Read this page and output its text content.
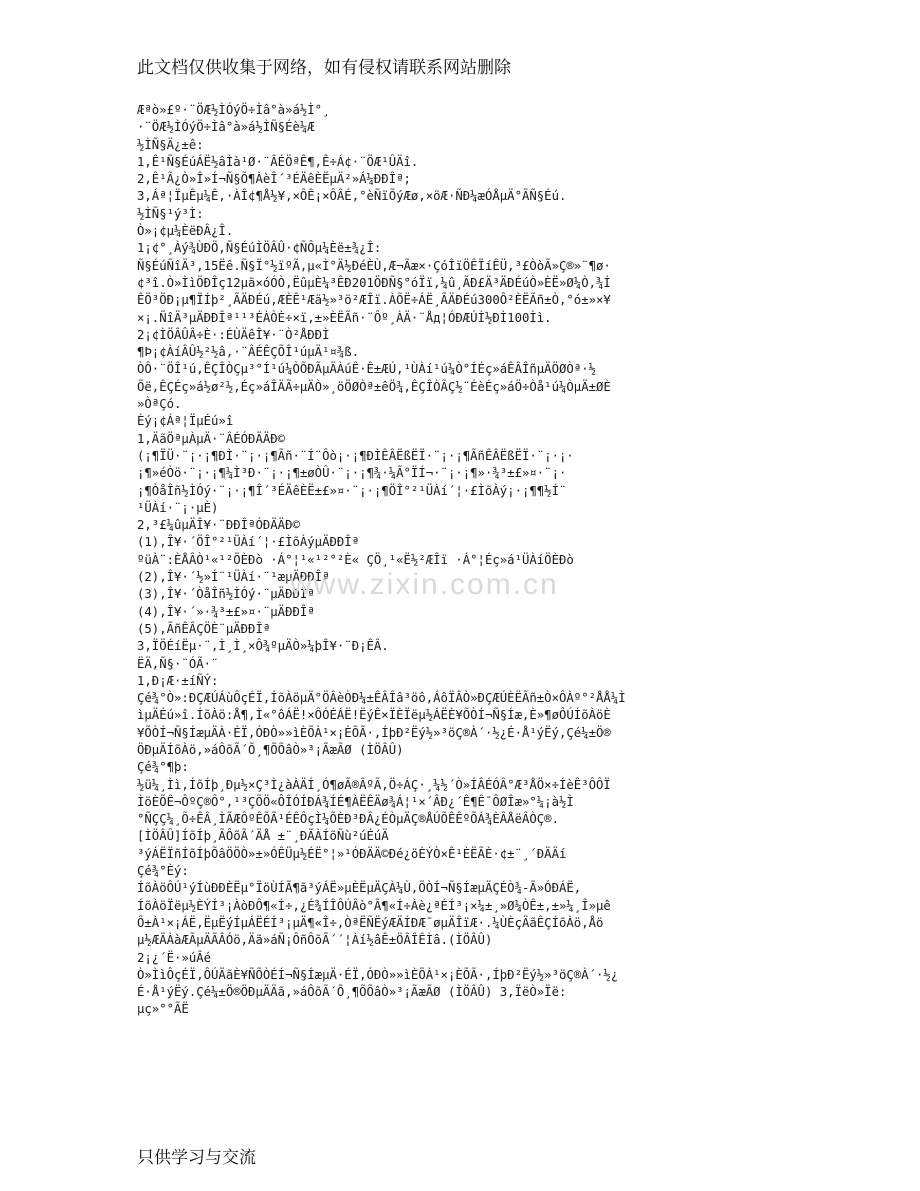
此文档仅供收集于网络，如有侵权请联系网站删除
Æªò»£º·¨ÖÆ½ÌÓýÖ÷Ìâ°à»á½Ì°¸
·¨ÖÆ½ÌÓýÖ÷Ìâ°à»á½ÌÑ§Éè¼Æ
½ÌÑ§Ä¿±ê:
1,Ê¹Ñ§ÉúÁË½âÌà¹Ø·¨ÂÉÖªÊ¶,Ê÷Á¢·¨ÖÆ¹ÛÄî.
2,Ê¹Ã¿Ò»Î»Í¬Ñ§Õ¶ÀèÎ´³ÉÄêÈËµÄ²»Á¼ÐÐÎª;
3,Áª¦ÏµÊµ¼Ê,·ÀÎ¢¶Å½¥,×ÔÊ¡×ÔÂÉ,°èÑïÕýÆø,×öÆ·ÑÐ¼æÓÅµÄ°ÃÑ§Éú.
½ÌÑ§¹ý³Ì:
Ò»¡¢µ¼ÈëÐÂ¿Î.
1¡¢°¸Àý¾ÙÐÖ,Ñ§ÉúÌÖÂÛ·¢ÑÔµ¼Èë±¾¿Î:
Ñ§ÉúÑîÄ³,15Ëê.Ñ§Ï°½ïºÃ,µ«Ì°Ä½ÐéÈÙ,Æ¬Ãæ×·ÇóÎïÖÊÏíÊÜ,³£ÒòÃ»Ç®»¨¶ø·
¢³î.Ò»ÌìÖÐÎç12µã×óÓÒ,ËûµÈ¼³ÊÐ201ÖÐÑ§°óÏï,¼û¸ÃÐ£Ä³ÄÐÉúÒ»ÈË»Ø¼Ò,¾Í
ÊÖ³ÖÐ¡µ¶ÏÍþ²¸ÃÄÐÉú,ÆÈÊ¹Æä½»³ö²ÆÎï.ÀÕË÷ÁË¸ÃÄÐÉú300Ô²ÈËÃñ±Ò,°ó±»×¥
×¡.ÑîÄ³µÄÐÐÎª¹¹³ÉÀÒÈ÷×ï,±»ÈËÃñ·¨Ôº¸ÀÄ·¨Åд¦ÓÐÆÚÍ½ÐÌ100Ìì.
2¡¢ÌÖÂÛÂ÷È·:ÉÙÄêÎ¥·¨Ò²ÅÐÐÌ
¶Þ¡¢ÀíÂÛ½²½â,·¨ÂÉÊÇÕÎ¹úµÄ¹¤¾ß.
ÒÔ·¨ÖÎ¹ú,ÊÇÎÒÇµ³°Í¹ú¼ÒÕÐÃµÄÀúÊ·Ê±ÆÚ,¹ÙÀí¹ú¼Ò°ÍÉç»áÊÂÎñµÄÖØÒª·½
Õë,ÊÇÉç»á½ø²½,Éç»áÎÄÃ÷µÄÒ»¸öÖØÒª±êÖ¾,ÊÇÎÒÃÇ½¨ÉèÉç»áÖ÷Òå¹ú¼ÒµÄ±ØÈ
»ÒªÇó.
Èý¡¢Áª¦ÏµÉú»î
1,ÄãÖªµÀµÄ·¨ÂÉÓÐÄÄÐ©
(¡¶ÏÜ·¨¡·¡¶ÐÌ·¨¡·¡¶Ãñ·¨Í¨Ôò¡·¡¶ÐÌÊÂËßËÏ·¨¡·¡¶ÃñÊÂËßËÏ·¨¡·¡·
¡¶»éÒö·¨¡·¡¶¼Ì³Ð·¨¡·¡¶±øÒÛ·¨¡·¡¶¾·¼Ã°ÏÍ¬·¨¡·¡¶»·¾³±£»¤·¨¡·
¡¶ÒåÎñ½ÌÓý·¨¡·¡¶Î´³ÉÄêÈË±£»¤·¨¡·¡¶ÖÎ°²¹ÜÀí´¦·£ÌõÀý¡·¡¶¶½Í¨
¹ÜÀí·¨¡·µÈ)
2,³£¼ûµÄÎ¥·¨ÐÐÎªÓÐÄÄÐ©
(1),Î¥·´ÖÎ°²¹ÜÀí´¦·£ÌõÀýµÄÐÐÎª
ºüÀ¨:ÈÅÂÒ¹«¹²ÖÈÐò ·Á°¦¹«¹²°²È« ÇÖ¸¹«Ë½²ÆÎï ·Á°¦Éç»á¹ÜÀíÖÈÐò
(2),Î¥·´½»Í¨¹ÜÀí·¨¹æµÄÐÐÎª
(3),Î¥·´ÒåÎñ½ÌÓý·¨µÄÐÐÎª
(4),Î¥·´»·¾³±£»¤·¨µÄÐÐÎª
(5),ÃñÊÂÇÖÈ¨µÄÐÐÎª
3,ÏÖÉíËµ·¨,Ì¸Ì¸×Ô¾ºµÄÒ»¼þÎ¥·¨Ð¡ÊÂ.
ËÄ,Ñ§·¨ÓÃ·¨
1,Ð¡Æ·±íÑÝ:
Çé¾°Ò»:ÐÇÆÚÁùÔçÉÏ,ÍõÀöµÄ°ÖÂèÒÐ¼±ÊÂÎâ³öô,ÁôÏÂÒ»ÐÇÆÚÈËÃñ±Ò×ÔÀº°²ÅÅ¼Ì
ìµÄÉú»î.ÍõÀö:Å¶,Ì«°ôÁË!×ÔÓÉÁË!ËýÊ×ÏÈÏëµ½ÁËÈ¥ÕÒÍ¬Ñ§Íæ,È»¶øÔÚÍõÀöÈ
¥ÕÒÍ¬Ñ§ÍæµÄÀ·ÉÏ,ÓÐÒ»»ìÈÕÀ¹×¡ÈÕÃ·,ÍþÐ²Ëý½»³öÇ®À´·½¿É·Å¹ýËý,Çé¼±Ö®
ÖÐµÄÍõÀö,»áÔõÃ´Õ¸¶ÕÕâÒ»³¡ÃæÃØ (ÌÖÂÛ)
Çé¾°¶þ:
½ü¼¸Ìì,ÍõÍþ¸Ðµ½×Ç³Ì¿àÀÄÍ¸Ó¶øÃ®ÂºÃ,Ö÷ÁÇ·¸¼½´Ò»ÍÂÉÓÂ°Æ³ÅÖ×÷ÍèÊ³ÔÔÏ
ÌöÈÕÊ¬ÔºÇ®Ô°,¹³ÇÕÖ«ÔÎÓÍÐÁ¾ÍÉ¶ÀËÊÄø¾Á¦¹×´ÂÐ¿´Ê¶Ê¯ÔØÎæ»°¼¡à½Ì
°ÑÇÇ¼¸Õ÷ÊÂ¸ÌÃÆÔºÊÕÃ¹ÉÊÔçÌ¼ÕÈÐ³ÐÂ¿ÉÒµÄÇ®ÅÚÕÊÊºÕÁ¾ÈÂÅëÂÒÇ®.
[ÌÖÂÛ]ÍõÍþ¸ÃÔõÃ´ÄÅ ±¨¸ÐÃÀÍõÑù²úÉúÄ
³ýÁËÏñÍõÍþÕâÖÖÒ»±»ÓÊÜµ½ÉË°¦»¹ÓÐÄÄ©Ðé¿öÈÝÒ×Ê¹ÈËÃÈ·¢±¨¸´ÐÄÄí
Çé¾°Èý:
ÍõÀöÔÚ¹ýÍùÐÐÈËµ°ÏöÙÍÃ¶ã³ýÁË»µÈËµÄÇÀ¼Ù,ÕÒÍ¬Ñ§ÍæµÄÇÉÒ¾-Ã»ÓÐÁË,
ÍõÀöÏëµ½ÈÝÍ³¡ÀòÐÔ¶«Í÷,¿É¾ÍÎÔÚÂò°Ã¶«Í÷Àè¿ªÉÍ³¡×¼±¸»Ø¼ÒÊ±,±»¼¸Î»µê
Ô±À¹×¡ÁË,ËµËýÍµÁËÉÍ³¡µÄ¶«Î÷,ÒªËÑËýÆÄÍÐÆ¯øµÄÎïÆ·.¼ÙÈçÄãÊÇÍõÀö,Åö
µ½ÆÄÀàÆÃµÄÃÂÓö,Äã»áÑ¡ÔñÔõÃ´´¦Àí½âÊ±ÖÂÎÊÌâ.(ÌÖÂÛ)
2¡¿´Ë·»úÂé
Ò»ÌìÔçÉÏ,ÔÚÄãÈ¥ÑÕÒÉÍ¬Ñ§ÍæµÄ·ÉÏ,ÓÐÒ»»ìÈÕÀ¹×¡ÈÕÃ·,ÍþÐ²Ëý½»³öÇ®À´·½¿
É·Å¹ýËý.Çé¼±Ö®ÖÐµÄÄã,»áÔõÃ´Õ¸¶ÕÕâÒ»³¡ÃæÃØ (ÌÖÂÛ) 3,ÏëÒ»Ïë:
µç»°°ÃË
www.zixin.com.cn
只供学习与交流
